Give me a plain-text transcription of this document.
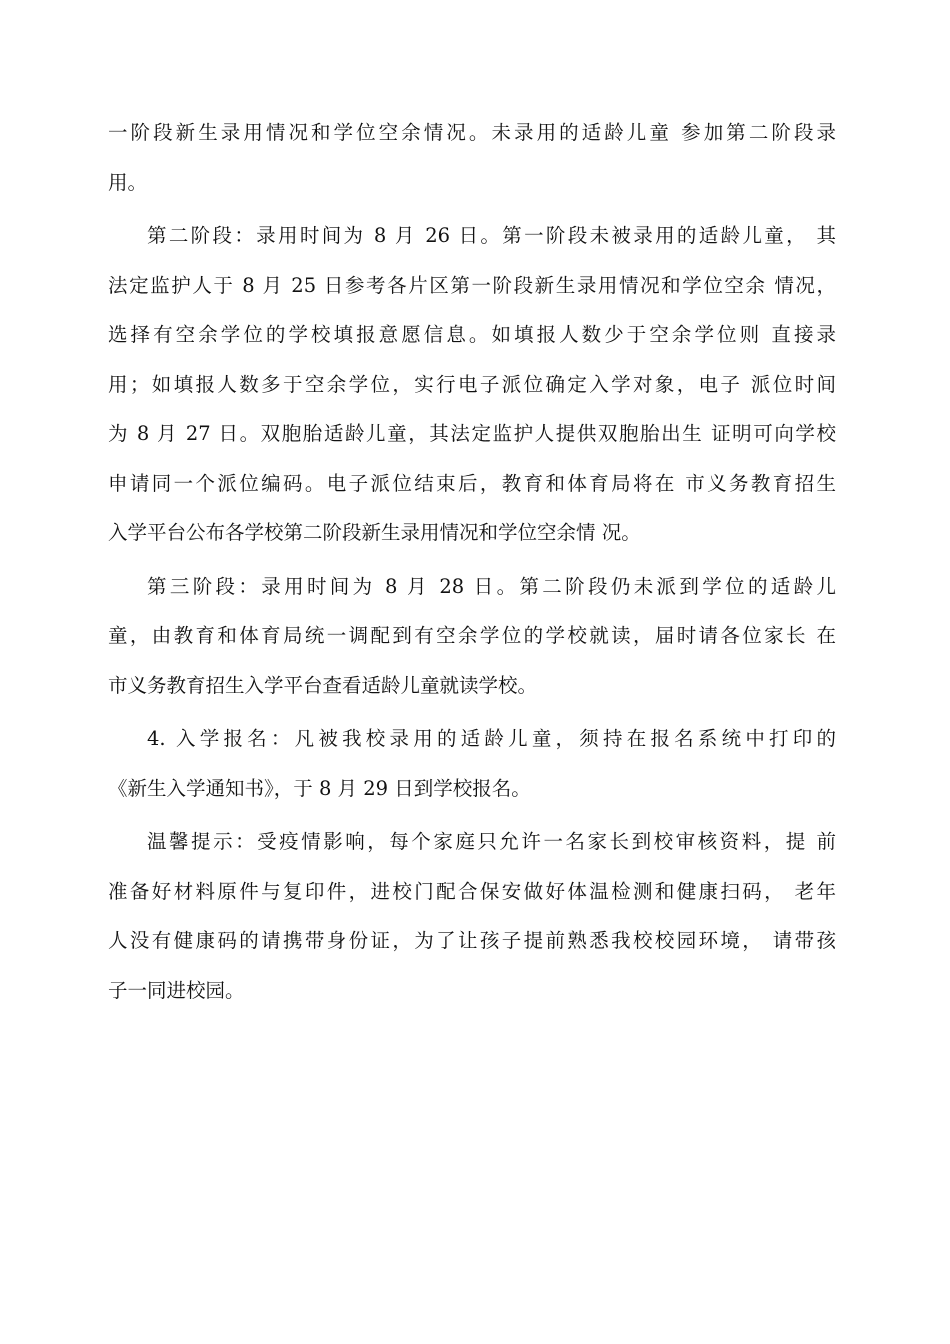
一阶段新生录用情况和学位空余情况。未录用的适龄儿童 参加第二阶段录
用。
第二阶段：录用时间为 8 月 26 日。第一阶段未被录用的适龄儿童， 其
法定监护人于 8 月 25 日参考各片区第一阶段新生录用情况和学位空余 情况，
选择有空余学位的学校填报意愿信息。如填报人数少于空余学位则 直接录
用；如填报人数多于空余学位，实行电子派位确定入学对象，电子 派位时间
为 8 月 27 日。双胞胎适龄儿童，其法定监护人提供双胞胎出生 证明可向学校
申请同一个派位编码。电子派位结束后，教育和体育局将在 市义务教育招生
入学平台公布各学校第二阶段新生录用情况和学位空余情 况。
第三阶段：录用时间为 8 月 28 日。第二阶段仍未派到学位的适龄儿
童，由教育和体育局统一调配到有空余学位的学校就读，届时请各位家长 在
市义务教育招生入学平台查看适龄儿童就读学校。
4. 入学报名：凡被我校录用的适龄儿童，须持在报名系统中打印的
《新生入学通知书》，于 8 月 29 日到学校报名。
温馨提示：受疫情影响，每个家庭只允许一名家长到校审核资料，提 前
准备好材料原件与复印件，进校门配合保安做好体温检测和健康扫码， 老年
人没有健康码的请携带身份证，为了让孩子提前熟悉我校校园环境， 请带孩
子一同进校园。
